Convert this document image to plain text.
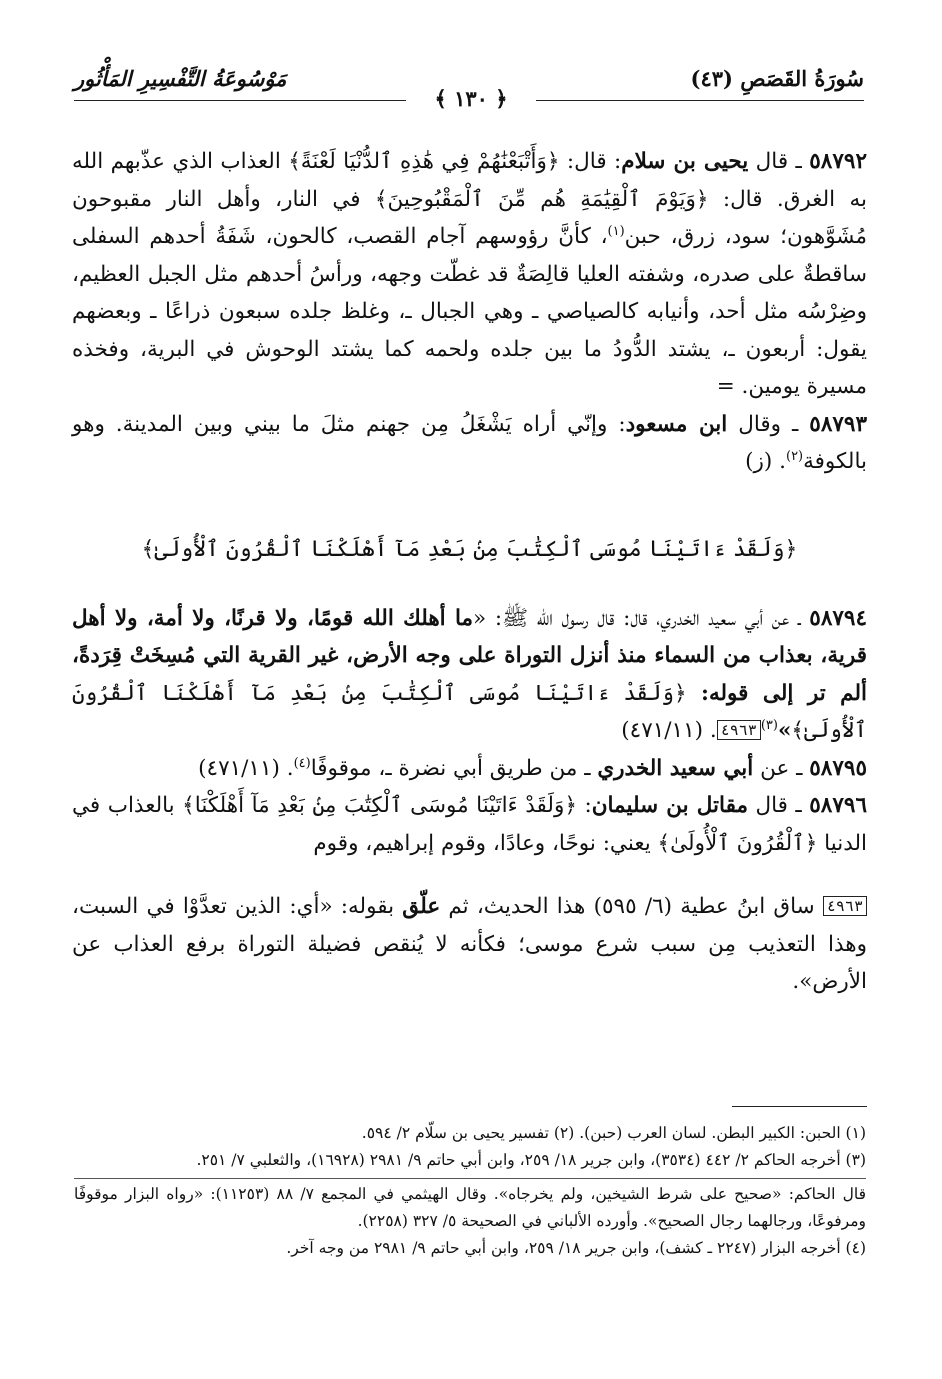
سُورَةُ القَصَصِ (٤٣)
مَوْسُوعَةُ التَّفْسِيرِ المَأْثُور
﴿ ١٣٠ ﴾

٥٨٧٩٢ ـ قال يحيى بن سلام: قال: ﴿وَأَتْبَعْنَٰهُمْ فِي هَٰذِهِ ٱلدُّنْيَا لَعْنَةً﴾ العذاب الذي عذّبهم الله به الغرق. قال: ﴿وَيَوْمَ ٱلْقِيَٰمَةِ هُم مِّنَ ٱلْمَقْبُوحِينَ﴾ في النار، وأهل النار مقبوحون مُشَوَّهون؛ سود، زرق، حبن$^{(١)}$، كأنَّ رؤوسهم آجام القصب، كالحون، شَفَةُ أحدهم السفلى ساقطةٌ على صدره، وشفته العليا قالِصَةٌ قد غطّت وجهه، ورأسُ أحدهم مثل الجبل العظيم، وضِرْسُه مثل أحد، وأنيابه كالصياصي ـ وهي الجبال ـ، وغلظ جلده سبعون ذراعًا ـ وبعضهم يقول: أربعون ـ، يشتد الدُّودُ ما بين جلده ولحمه كما يشتد الوحوش في البرية، وفخذه مسيرة يومين. =

٥٨٧٩٣ ـ وقال ابن مسعود: وإنّي أراه يَشْغَلُ مِن جهنم مثلَ ما بيني وبين المدينة. وهو بالكوفة$^{(٢)}$. (ز)

﴿وَلَقَدْ ءَاتَيْنَا مُوسَى ٱلْكِتَٰبَ مِنۢ بَعْدِ مَآ أَهْلَكْنَا ٱلْقُرُونَ ٱلْأُولَىٰ﴾

٥٨٧٩٤ ـ عن أبي سعيد الخدري، قال: قال رسول الله ﷺ: «ما أهلك الله قومًا، ولا قرنًا، ولا أمة، ولا أهل قرية، بعذاب من السماء منذ أنزل التوراة على وجه الأرض، غير القرية التي مُسِخَتْ قِرَدةً، ألم تر إلى قوله: ﴿وَلَقَدْ ءَاتَيْنَا مُوسَى ٱلْكِتَٰبَ مِنۢ بَعْدِ مَآ أَهْلَكْنَا ٱلْقُرُونَ ٱلْأُولَىٰ﴾»$^{(٣)}$٤٩٦٣. (٤٧١/١١)

٥٨٧٩٥ ـ عن أبي سعيد الخدري ـ من طريق أبي نضرة ـ، موقوفًا$^{(٤)}$. (٤٧١/١١)

٥٨٧٩٦ ـ قال مقاتل بن سليمان: ﴿وَلَقَدْ ءَاتَيْنَا مُوسَى ٱلْكِتَٰبَ مِنۢ بَعْدِ مَآ أَهْلَكْنَا﴾ بالعذاب في الدنيا ﴿ٱلْقُرُونَ ٱلْأُولَىٰ﴾ يعني: نوحًا، وعادًا، وقوم إبراهيم، وقوم

٤٩٦٣ ساق ابنُ عطية (٦/ ٥٩٥) هذا الحديث، ثم علّق بقوله: «أي: الذين تعدَّوْا في السبت، وهذا التعذيب مِن سبب شرع موسى؛ فكأنه لا يُنقص فضيلة التوراة برفع العذاب عن الأرض».

(١) الحبن: الكبير البطن. لسان العرب (حبن). (٢) تفسير يحيى بن سلّام ٢/ ٥٩٤.

(٣) أخرجه الحاكم ٢/ ٤٤٢ (٣٥٣٤)، وابن جرير ١٨/ ٢٥٩، وابن أبي حاتم ٩/ ٢٩٨١ (١٦٩٢٨)، والثعلبي ٧/ ٢٥١.

قال الحاكم: «صحيح على شرط الشيخين، ولم يخرجاه». وقال الهيثمي في المجمع ٧/ ٨٨ (١١٢٥٣): «رواه البزار موقوفًا ومرفوعًا، ورجالهما رجال الصحيح». وأورده الألباني في الصحيحة ٥/ ٣٢٧ (٢٢٥٨).

(٤) أخرجه البزار (٢٢٤٧ ـ كشف)، وابن جرير ١٨/ ٢٥٩، وابن أبي حاتم ٩/ ٢٩٨١ من وجه آخر.
